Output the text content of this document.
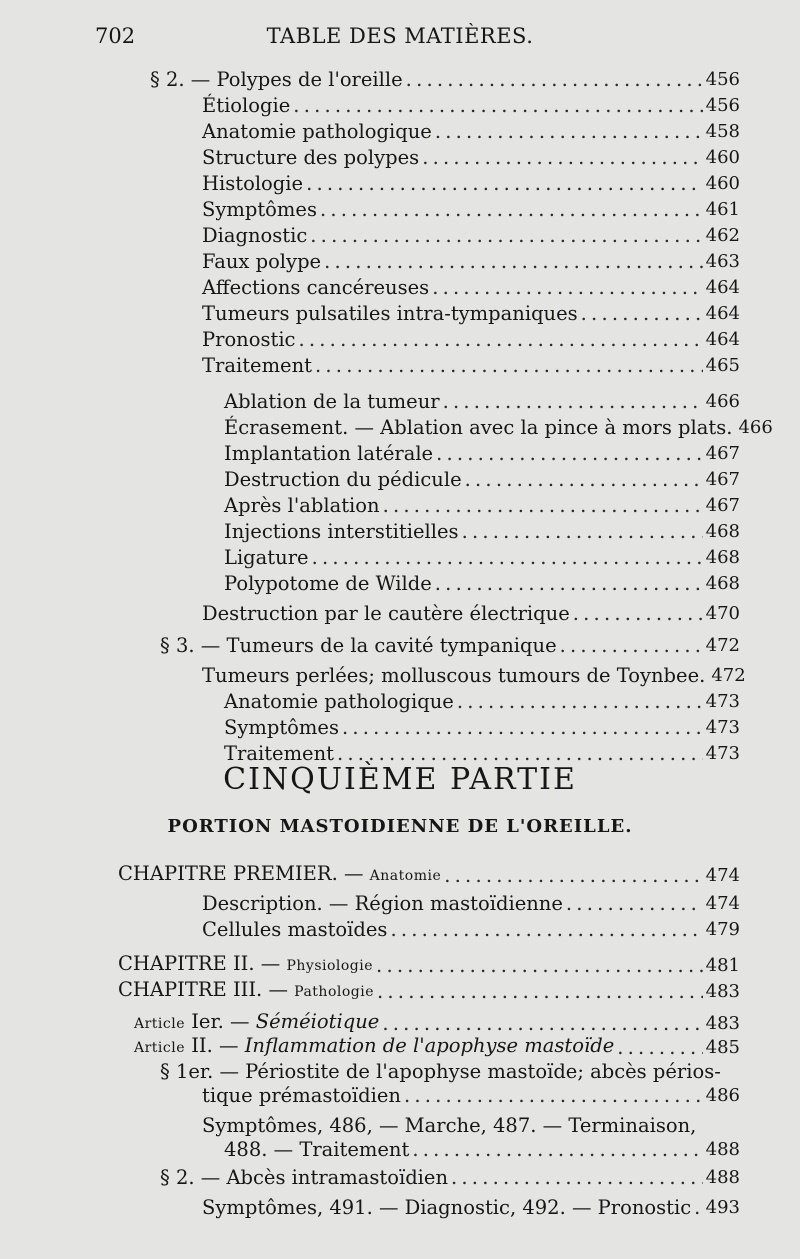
702	TABLE DES MATIÈRES.
§ 2. — Polypes de l'oreille . . .	456
Étiologie . . .	456
Anatomie pathologique . . .	458
Structure des polypes . . .	460
Histologie . . .	460
Symptômes . . .	461
Diagnostic . . .	462
Faux polype . . .	463
Affections cancéreuses . . .	464
Tumeurs pulsatiles intra-tympaniques . . .	464
Pronostic . . .	464
Traitement . . .	465
Ablation de la tumeur . . .	466
Écrasement. — Ablation avec la pince à mors plats. 466
Implantation latérale . . .	467
Destruction du pédicule . . .	467
Après l'ablation . . .	467
Injections interstitielles . . .	468
Ligature . . .	468
Polypotome de Wilde . . .	468
Destruction par le cautère électrique . . .	470
§ 3. — Tumeurs de la cavité tympanique . . .	472
Tumeurs perlées; molluscous tumours de Toynbee. 472
Anatomie pathologique . . .	473
Symptômes . . .	473
Traitement . . .	473
CINQUIÈME PARTIE
PORTION MASTOIDIENNE DE L'OREILLE.
CHAPITRE PREMIER. — Anatomie . . .	474
Description. — Région mastoïdienne . . .	474
Cellules mastoïdes . . .	479
CHAPITRE II. — Physiologie . . .	481
CHAPITRE III. — Pathologie . . .	483
Article Ier. — Séméiotique . . .	483
Article II. — Inflammation de l'apophyse mastoïde . . .	485
§ 1er. — Périostite de l'apophyse mastoïde; abcès périos-
tique prémastoïdien . . .	486
Symptômes, 486, — Marche, 487. — Terminaison,
488. — Traitement . . .	488
§ 2. — Abcès intramastoïdien . . .	488
Symptômes, 491. — Diagnostic, 492. — Pronostic . . . 493
